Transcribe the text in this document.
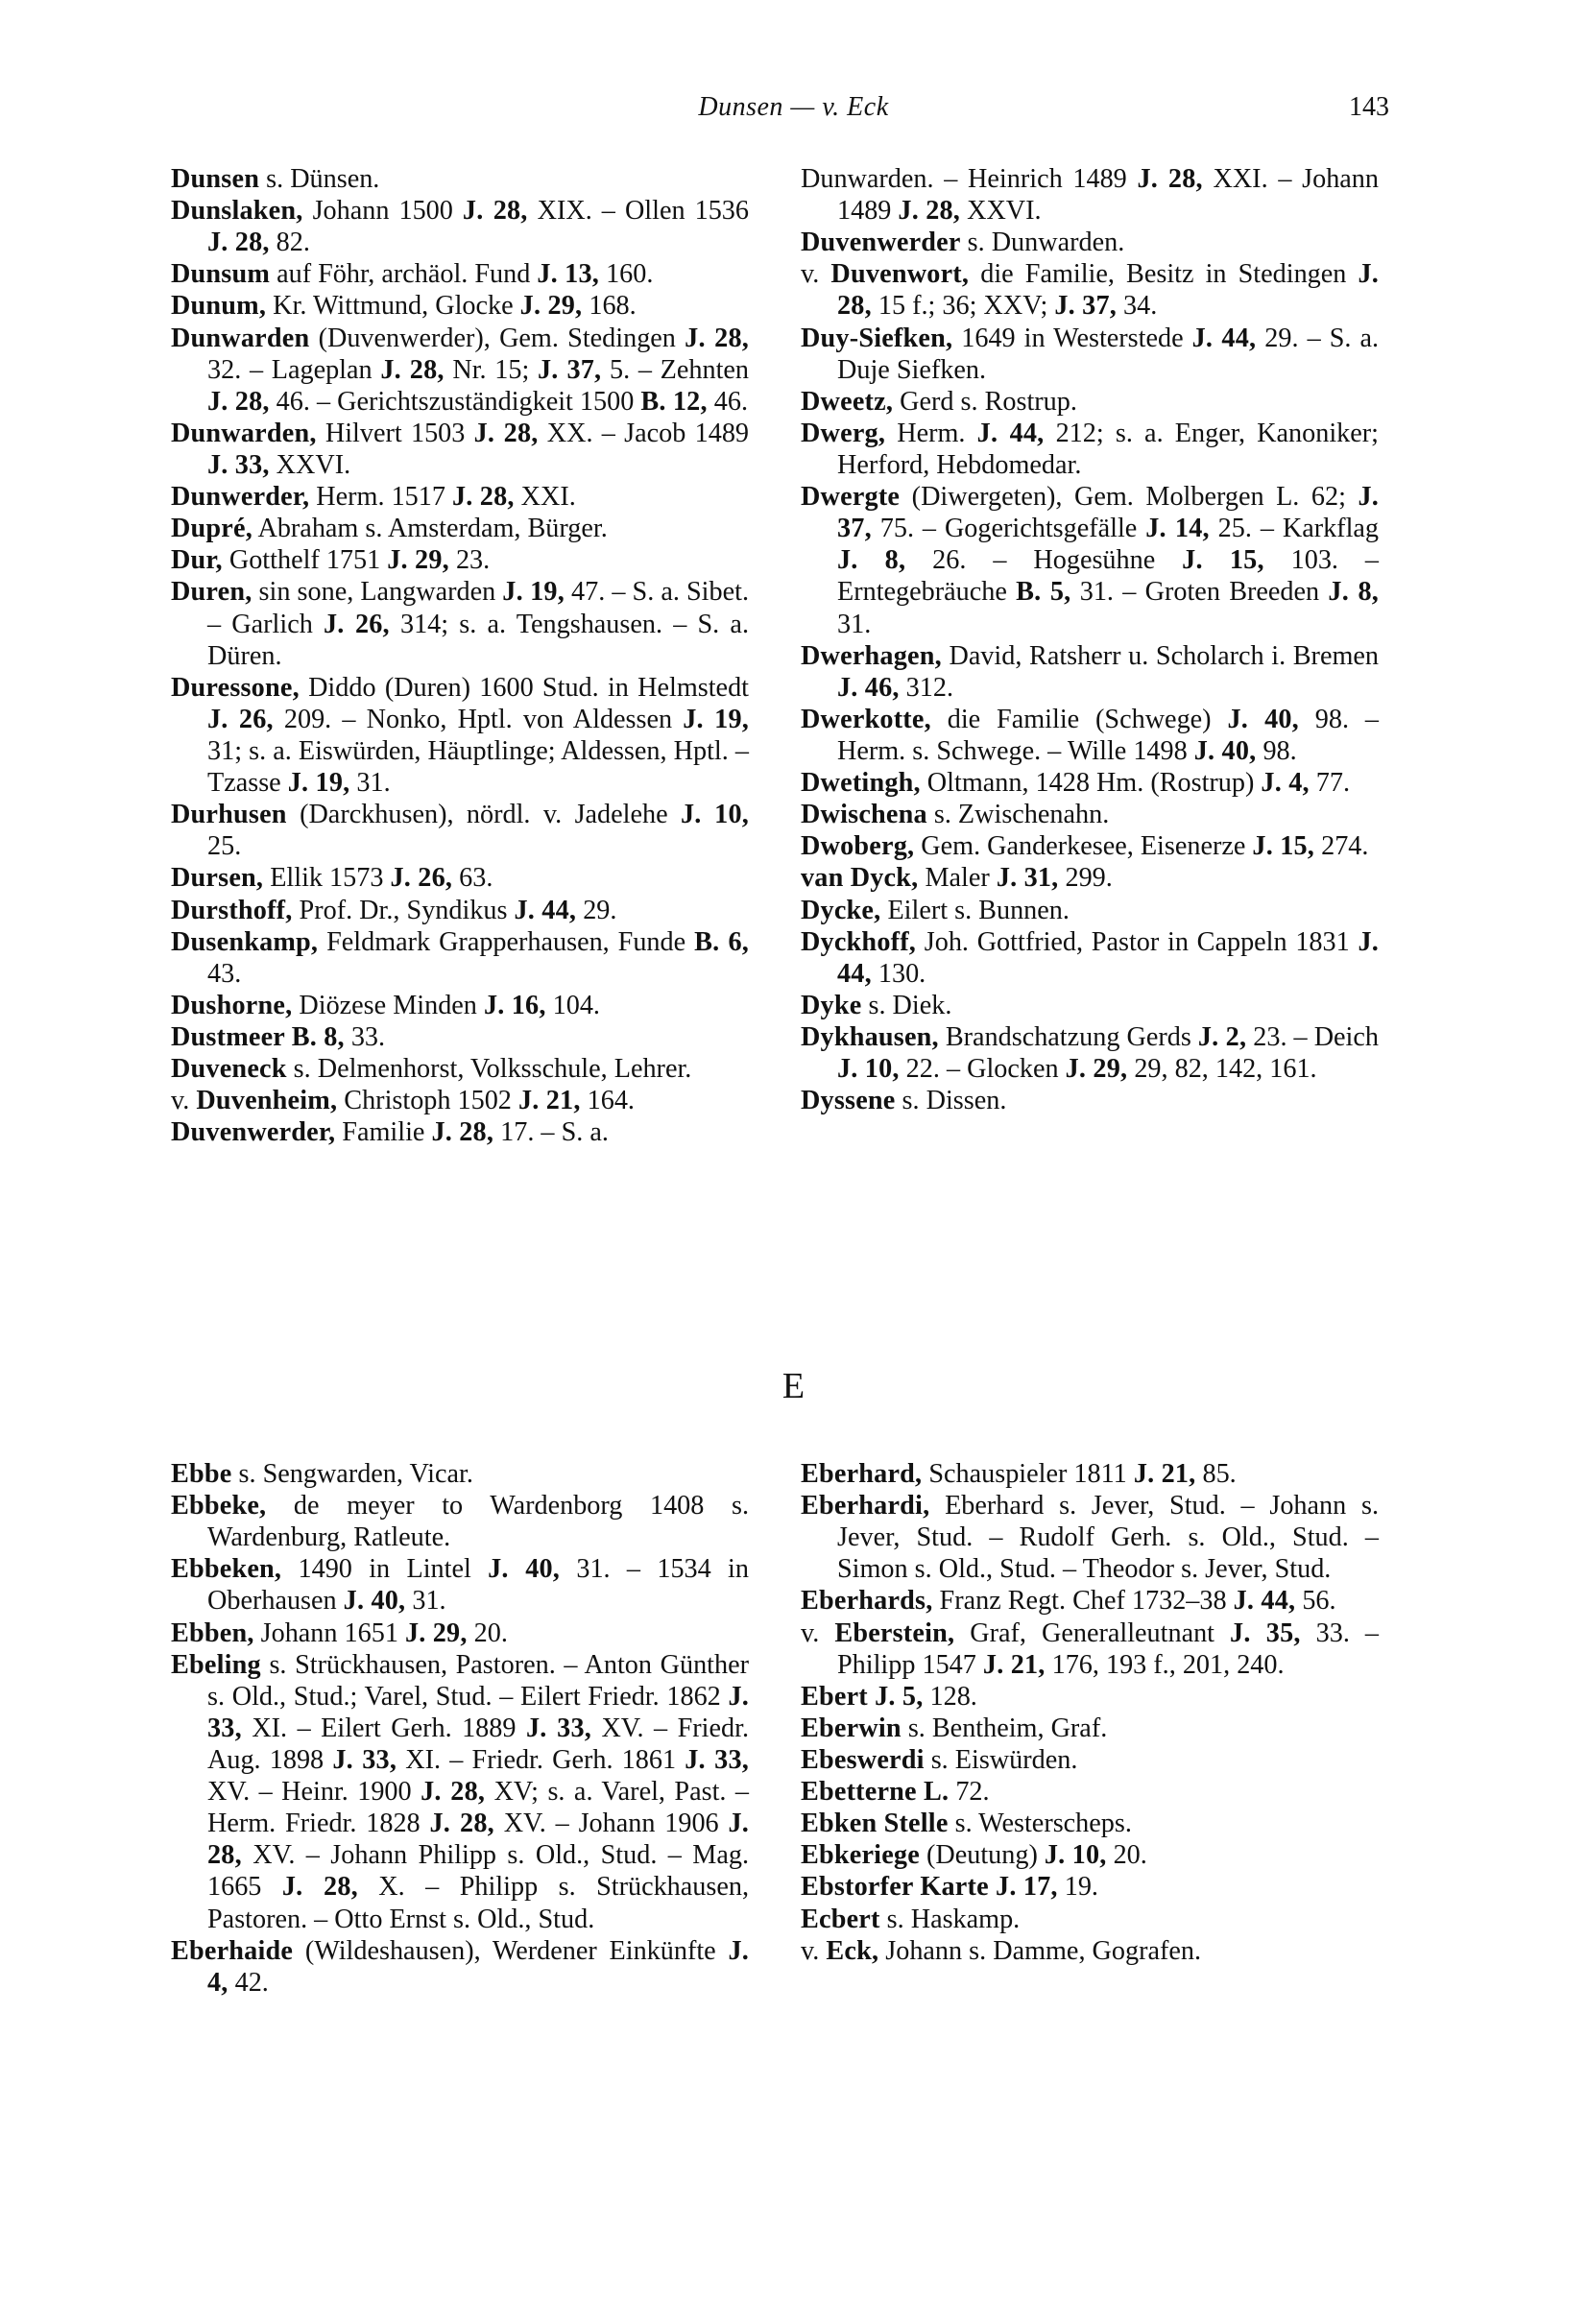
Dunsen — v. Eck	143

Dunsen s. Dünsen.

Dunslaken, Johann 1500 J. 28, XIX. – Ollen 1536 J. 28, 82.

Dunsum auf Föhr, archäol. Fund J. 13, 160.

Dunum, Kr. Wittmund, Glocke J. 29, 168.

Dunwarden (Duvenwerder), Gem. Stedingen J. 28, 32. – Lageplan J. 28, Nr. 15; J. 37, 5. – Zehnten J. 28, 46. – Gerichtszuständigkeit 1500 B. 12, 46.

Dunwarden, Hilvert 1503 J. 28, XX. – Jacob 1489 J. 33, XXVI.

Dunwerder, Herm. 1517 J. 28, XXI.

Dupré, Abraham s. Amsterdam, Bürger.

Dur, Gotthelf 1751 J. 29, 23.

Duren, sin sone, Langwarden J. 19, 47. – S. a. Sibet. – Garlich J. 26, 314; s. a. Tengshausen. – S. a. Düren.

Duressone, Diddo (Duren) 1600 Stud. in Helmstedt J. 26, 209. – Nonko, Hptl. von Aldessen J. 19, 31; s. a. Eiswürden, Häuptlinge; Aldessen, Hptl. – Tzasse J. 19, 31.

Durhusen (Darckhusen), nördl. v. Jadelehe J. 10, 25.

Dursen, Ellik 1573 J. 26, 63.

Dursthoff, Prof. Dr., Syndikus J. 44, 29.

Dusenkamp, Feldmark Grapperhausen, Funde B. 6, 43.

Dushorne, Diözese Minden J. 16, 104.

Dustmeer B. 8, 33.

Duveneck s. Delmenhorst, Volksschule, Lehrer.

v. Duvenheim, Christoph 1502 J. 21, 164.

Duvenwerder, Familie J. 28, 17. – S. a.

Dunwarden. – Heinrich 1489 J. 28, XXI. – Johann 1489 J. 28, XXVI.

Duvenwerder s. Dunwarden.

v. Duvenwort, die Familie, Besitz in Stedingen J. 28, 15 f.; 36; XXV; J. 37, 34.

Duy-Siefken, 1649 in Westerstede J. 44, 29. – S. a. Duje Siefken.

Dweetz, Gerd s. Rostrup.

Dwerg, Herm. J. 44, 212; s. a. Enger, Kanoniker; Herford, Hebdomedar.

Dwergte (Diwergeten), Gem. Molbergen L. 62; J. 37, 75. – Gogerichtsgefälle J. 14, 25. – Karkflag J. 8, 26. – Hogesühne J. 15, 103. – Erntegebräuche B. 5, 31. – Groten Breeden J. 8, 31.

Dwerhagen, David, Ratsherr u. Scholarch i. Bremen J. 46, 312.

Dwerkotte, die Familie (Schwege) J. 40, 98. – Herm. s. Schwege. – Wille 1498 J. 40, 98.

Dwetingh, Oltmann, 1428 Hm. (Rostrup) J. 4, 77.

Dwischena s. Zwischenahn.

Dwoberg, Gem. Ganderkesee, Eisenerze J. 15, 274.

van Dyck, Maler J. 31, 299.

Dycke, Eilert s. Bunnen.

Dyckhoff, Joh. Gottfried, Pastor in Cappeln 1831 J. 44, 130.

Dyke s. Diek.

Dykhausen, Brandschatzung Gerds J. 2, 23. – Deich J. 10, 22. – Glocken J. 29, 29, 82, 142, 161.

Dyssene s. Dissen.

E

Ebbe s. Sengwarden, Vicar.

Ebbeke, de meyer to Wardenborg 1408 s. Wardenburg, Ratleute.

Ebbeken, 1490 in Lintel J. 40, 31. – 1534 in Oberhausen J. 40, 31.

Ebben, Johann 1651 J. 29, 20.

Ebeling s. Strückhausen, Pastoren. – Anton Günther s. Old., Stud.; Varel, Stud. – Eilert Friedr. 1862 J. 33, XI. – Eilert Gerh. 1889 J. 33, XV. – Friedr. Aug. 1898 J. 33, XI. – Friedr. Gerh. 1861 J. 33, XV. – Heinr. 1900 J. 28, XV; s. a. Varel, Past. – Herm. Friedr. 1828 J. 28, XV. – Johann 1906 J. 28, XV. – Johann Philipp s. Old., Stud. – Mag. 1665 J. 28, X. – Philipp s. Strückhausen, Pastoren. – Otto Ernst s. Old., Stud.

Eberhaide (Wildeshausen), Werdener Einkünfte J. 4, 42.

Eberhard, Schauspieler 1811 J. 21, 85.

Eberhardi, Eberhard s. Jever, Stud. – Johann s. Jever, Stud. – Rudolf Gerh. s. Old., Stud. – Simon s. Old., Stud. – Theodor s. Jever, Stud.

Eberhards, Franz Regt. Chef 1732–38 J. 44, 56.

v. Eberstein, Graf, Generalleutnant J. 35, 33. – Philipp 1547 J. 21, 176, 193 f., 201, 240.

Ebert J. 5, 128.

Eberwin s. Bentheim, Graf.

Ebeswerdi s. Eiswürden.

Ebetterne L. 72.

Ebken Stelle s. Westerscheps.

Ebkeriege (Deutung) J. 10, 20.

Ebstorfer Karte J. 17, 19.

Ecbert s. Haskamp.

v. Eck, Johann s. Damme, Gografen.
